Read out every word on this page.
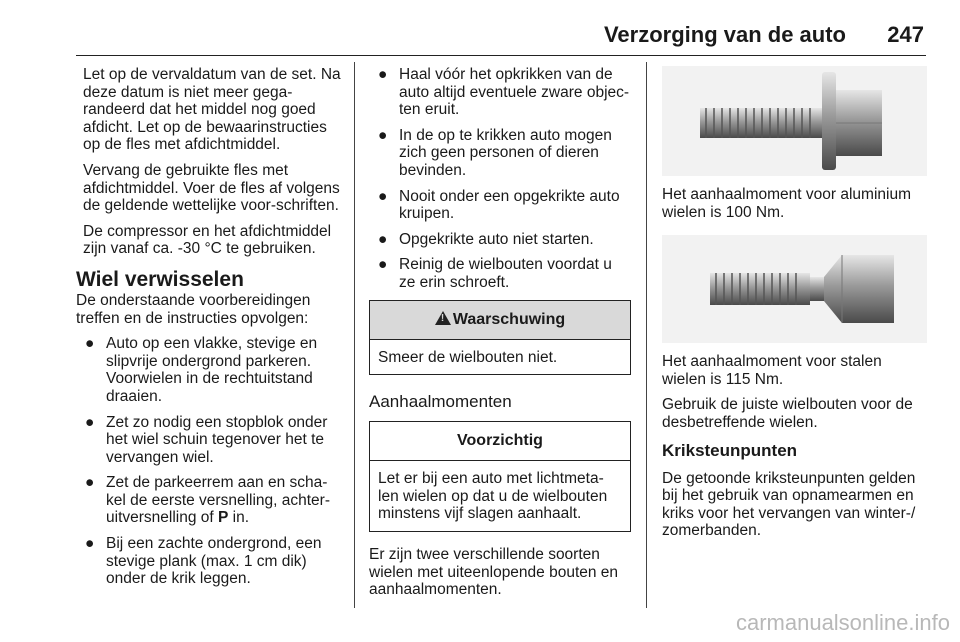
Verzorging van de auto 247

Let op de vervaldatum van de set. Na deze datum is niet meer gega-randeerd dat het middel nog goed afdicht. Let op de bewaarinstructies op de fles met afdichtmiddel.

Vervang de gebruikte fles met afdichtmiddel. Voer de fles af volgens de geldende wettelijke voor-schriften.

De compressor en het afdichtmiddel zijn vanaf ca. -30 °C te gebruiken.

Wiel verwisselen

De onderstaande voorbereidingen treffen en de instructies opvolgen:

● Auto op een vlakke, stevige en slipvrije ondergrond parkeren. Voorwielen in de rechtuitstand draaien.
● Zet zo nodig een stopblok onder het wiel schuin tegenover het te vervangen wiel.
● Zet de parkeerrem aan en scha-kel de eerste versnelling, achter-uitversnelling of P in.
● Bij een zachte ondergrond, een stevige plank (max. 1 cm dik) onder de krik leggen.
● Haal vóór het opkrikken van de auto altijd eventuele zware objec-ten eruit.
● In de op te krikken auto mogen zich geen personen of dieren bevinden.
● Nooit onder een opgekrikte auto kruipen.
● Opgekrikte auto niet starten.
● Reinig de wielbouten voordat u ze erin schroeft.
! Waarschuwing
Smeer de wielbouten niet.
Aanhaalmomenten
Voorzichtig
Let er bij een auto met lichtmeta-len wielen op dat u de wielbouten minstens vijf slagen aanhaalt.

Er zijn twee verschillende soorten wielen met uiteenlopende bouten en aanhaalmomenten.

Het aanhaalmoment voor aluminium wielen is 100 Nm.

Het aanhaalmoment voor stalen wielen is 115 Nm.

Gebruik de juiste wielbouten voor de desbetreffende wielen.

Kriksteunpunten

De getoonde kriksteunpunten gelden bij het gebruik van opnamearmen en kriks voor het vervangen van winter-/ zomerbanden.

carmanualsonline.info
